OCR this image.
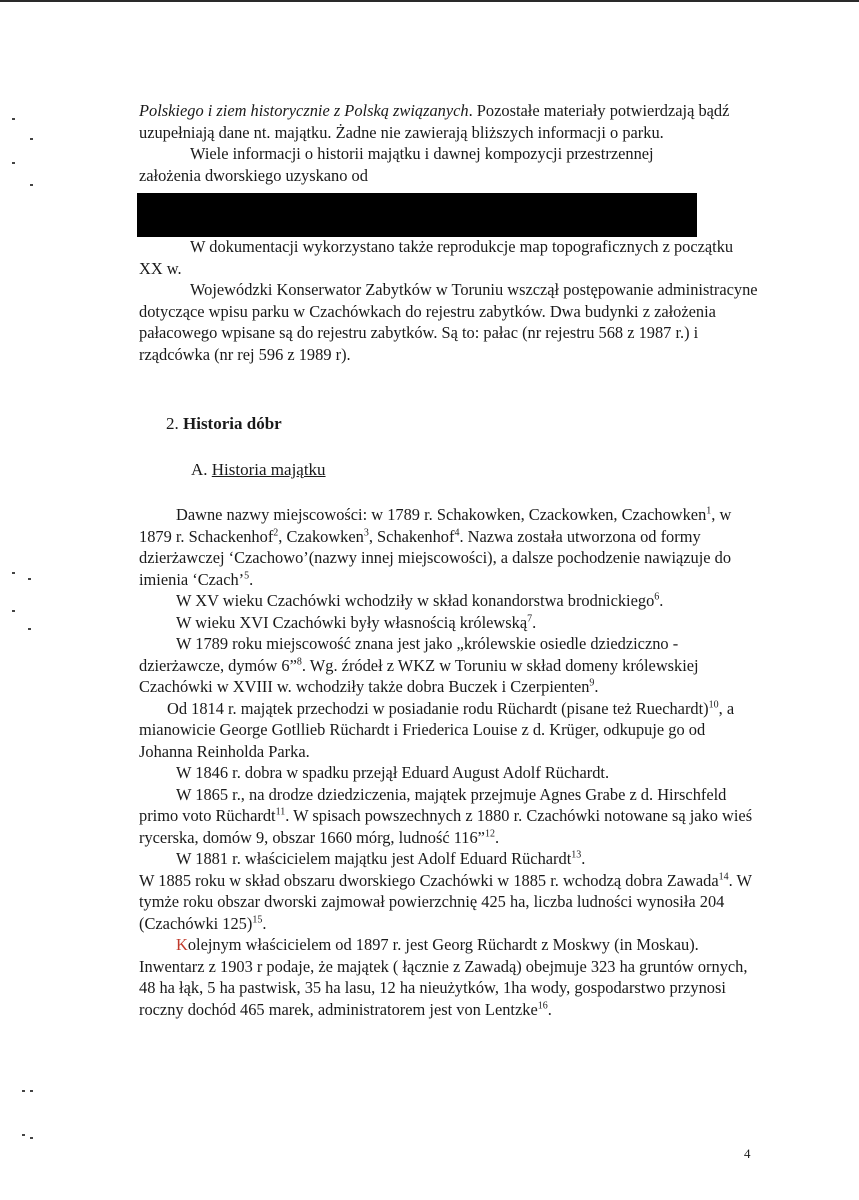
Polskiego i ziem historycznie z Polską związanych. Pozostałe materiały potwierdzają bądź uzupełniają dane nt. majątku. Żadne nie zawierają bliższych informacji o parku.

Wiele informacji o historii majątku i dawnej kompozycji przestrzennej

założenia dworskiego uzyskano od

W dokumentacji wykorzystano także reprodukcje map topograficznych z początku XX w.

Wojewódzki Konserwator Zabytków w Toruniu wszczął postępowanie administracyne dotyczące wpisu parku w Czachówkach do rejestru zabytków. Dwa budynki z założenia pałacowego wpisane są do rejestru zabytków. Są to: pałac (nr rejestru 568 z 1987 r.) i rządcówka (nr rej 596 z 1989 r).

2. Historia dóbr
A. Historia majątku

Dawne nazwy miejscowości: w 1789 r. Schakowken, Czackowken, Czachowken$^1$, w 1879 r. Schackenhof$^2$, Czakowken$^3$, Schakenhof$^4$. Nazwa została utworzona od formy dzierżawczej ‘Czachowo’(nazwy innej miejscowości), a dalsze pochodzenie nawiązuje do imienia ‘Czach’$^5$.

W XV wieku Czachówki wchodziły w skład konandorstwa brodnickiego$^6$.

W wieku XVI Czachówki były własnością królewską$^7$.

W 1789 roku miejscowość znana jest jako „królewskie osiedle dziedziczno - dzierżawcze, dymów 6”$^8$. Wg. źródeł z WKZ w Toruniu w skład domeny królewskiej Czachówki w XVIII w. wchodziły także dobra Buczek i Czerpienten$^9$.

Od 1814 r. majątek przechodzi w posiadanie rodu Rüchardt (pisane też Ruechardt)$^{10}$, a mianowicie George Gotllieb Rüchardt i Friederica Louise z d. Krüger, odkupuje go od Johanna Reinholda Parka.

W 1846 r. dobra w spadku przejął Eduard August Adolf Rüchardt.

W 1865 r., na drodze dziedziczenia, majątek przejmuje Agnes Grabe z d. Hirschfeld primo voto Rüchardt$^{11}$. W spisach powszechnych z 1880 r. Czachówki notowane są jako wieś rycerska, domów 9, obszar 1660 mórg, ludność 116”$^{12}$.

W 1881 r. właścicielem majątku jest Adolf Eduard Rüchardt$^{13}$.

W 1885 roku w skład obszaru dworskiego Czachówki w 1885 r. wchodzą dobra Zawada$^{14}$. W tymże roku obszar dworski zajmował powierzchnię 425 ha, liczba ludności wynosiła 204 (Czachówki 125)$^{15}$.

Kolejnym właścicielem od 1897 r. jest Georg Rüchardt z Moskwy (in Moskau).

Inwentarz z 1903 r podaje, że majątek ( łącznie z Zawadą) obejmuje 323 ha gruntów ornych, 48 ha łąk, 5 ha pastwisk, 35 ha lasu, 12 ha nieużytków, 1ha wody, gospodarstwo przynosi roczny dochód 465 marek, administratorem jest von Lentzke$^{16}$.

4
